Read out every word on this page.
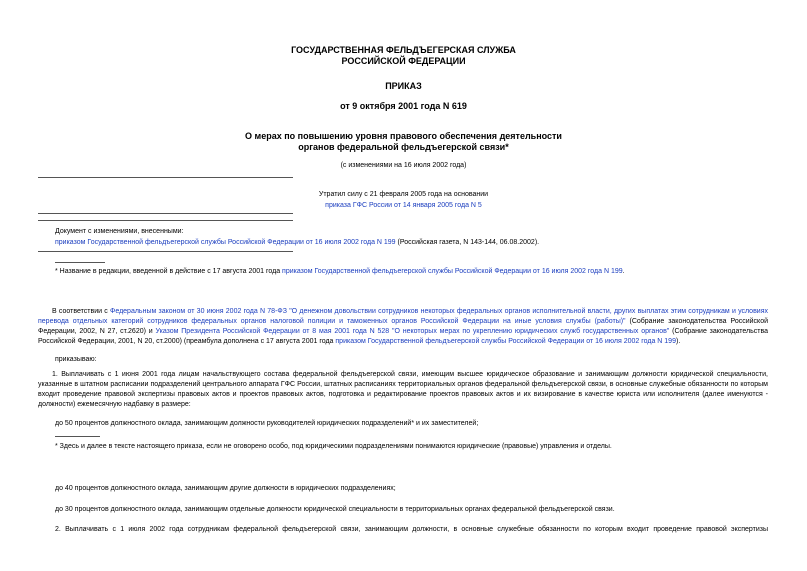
ГОСУДАРСТВЕННАЯ ФЕЛЬДЪЕГЕРСКАЯ СЛУЖБА
РОССИЙСКОЙ ФЕДЕРАЦИИ
ПРИКАЗ
от 9 октября 2001 года N 619
О мерах по повышению уровня правового обеспечения деятельности
органов федеральной фельдъегерской связи*
(с изменениями на 16 июля 2002 года)
Утратил силу с 21 февраля 2005 года на основании
приказа ГФС России от 14 января 2005 года N 5
Документ с изменениями, внесенными:
приказом Государственной фельдъегерской службы Российской Федерации от 16 июля 2002 года N 199 (Российская газета, N 143-144, 06.08.2002).
* Название в редакции, введенной в действие с 17 августа 2001 года приказом Государственной фельдъегерской службы Российской Федерации от 16 июля 2002 года N 199.
В соответствии с Федеральным законом от 30 июня 2002 года N 78-ФЗ "О денежном довольствии сотрудников некоторых федеральных органов исполнительной власти, других выплатах этим сотрудникам и условиях перевода отдельных категорий сотрудников федеральных органов налоговой полиции и таможенных органов Российской Федерации на иные условия службы (работы)" (Собрание законодательства Российской Федерации, 2002, N 27, ст.2620) и Указом Президента Российской Федерации от 8 мая 2001 года N 528 "О некоторых мерах по укреплению юридических служб государственных органов" (Собрание законодательства Российской Федерации, 2001, N 20, ст.2000) (преамбула дополнена с 17 августа 2001 года приказом Государственной фельдъегерской службы Российской Федерации от 16 июля 2002 года N 199).
приказываю:
1. Выплачивать с 1 июня 2001 года лицам начальствующего состава федеральной фельдъегерской связи, имеющим высшее юридическое образование и занимающим должности юридической специальности, указанные в штатном расписании подразделений центрального аппарата ГФС России, штатных расписаниях территориальных органов федеральной фельдъегерской связи, в основные служебные обязанности по которым входит проведение правовой экспертизы правовых актов и проектов правовых актов, подготовка и редактирование проектов правовых актов и их визирование в качестве юриста или исполнителя (далее именуются - должности) ежемесячную надбавку в размере:
до 50 процентов должностного оклада, занимающим должности руководителей юридических подразделений* и их заместителей;
* Здесь и далее в тексте настоящего приказа, если не оговорено особо, под юридическими подразделениями понимаются юридические (правовые) управления и отделы.
до 40 процентов должностного оклада, занимающим другие должности в юридических подразделениях;
до 30 процентов должностного оклада, занимающим отдельные должности юридической специальности в территориальных органах федеральной фельдъегерской связи.
2. Выплачивать с 1 июля 2002 года сотрудникам федеральной фельдъегерской связи, занимающим должности, в основные служебные обязанности по которым входит проведение правовой экспертизы
